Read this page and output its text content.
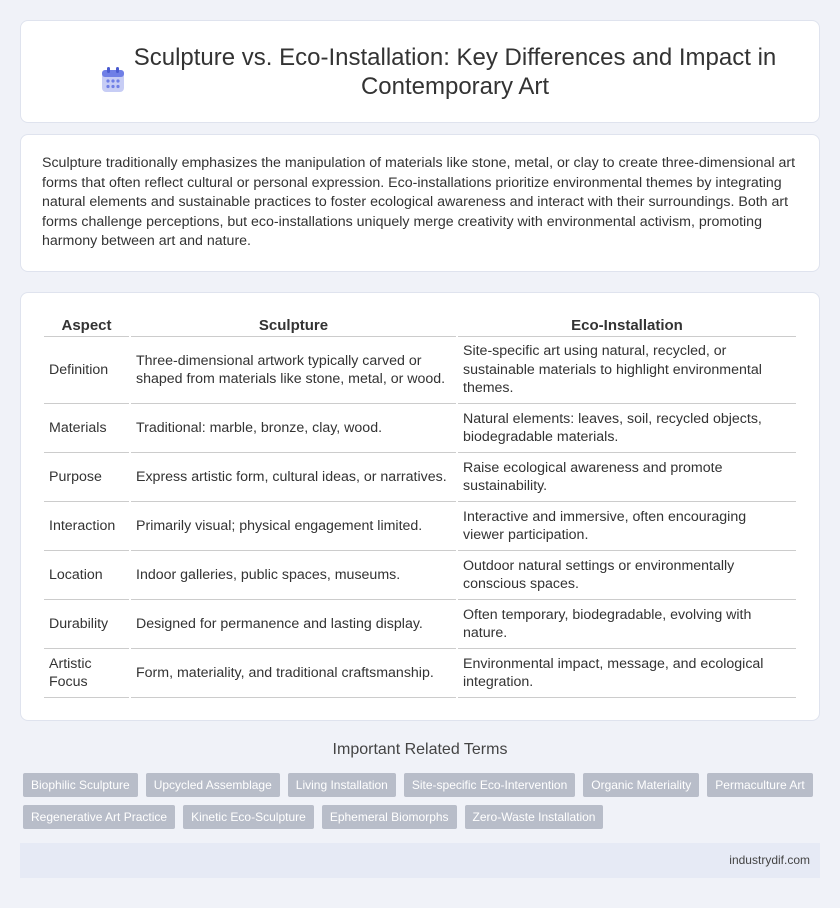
Sculpture vs. Eco-Installation: Key Differences and Impact in Contemporary Art

Sculpture traditionally emphasizes the manipulation of materials like stone, metal, or clay to create three-dimensional art forms that often reflect cultural or personal expression. Eco-installations prioritize environmental themes by integrating natural elements and sustainable practices to foster ecological awareness and interact with their surroundings. Both art forms challenge perceptions, but eco-installations uniquely merge creativity with environmental activism, promoting harmony between art and nature.

Aspect	Sculpture	Eco-Installation
Definition	Three-dimensional artwork typically carved or shaped from materials like stone, metal, or wood.	Site-specific art using natural, recycled, or sustainable materials to highlight environmental themes.
Materials	Traditional: marble, bronze, clay, wood.	Natural elements: leaves, soil, recycled objects, biodegradable materials.
Purpose	Express artistic form, cultural ideas, or narratives.	Raise ecological awareness and promote sustainability.
Interaction	Primarily visual; physical engagement limited.	Interactive and immersive, often encouraging viewer participation.
Location	Indoor galleries, public spaces, museums.	Outdoor natural settings or environmentally conscious spaces.
Durability	Designed for permanence and lasting display.	Often temporary, biodegradable, evolving with nature.
Artistic Focus	Form, materiality, and traditional craftsmanship.	Environmental impact, message, and ecological integration.
Important Related Terms
Biophilic Sculpture	Upcycled Assemblage	Living Installation	Site-specific Eco-Intervention	Organic Materiality	Permaculture Art
Regenerative Art Practice	Kinetic Eco-Sculpture	Ephemeral Biomorphs	Zero-Waste Installation
industrydif.com
